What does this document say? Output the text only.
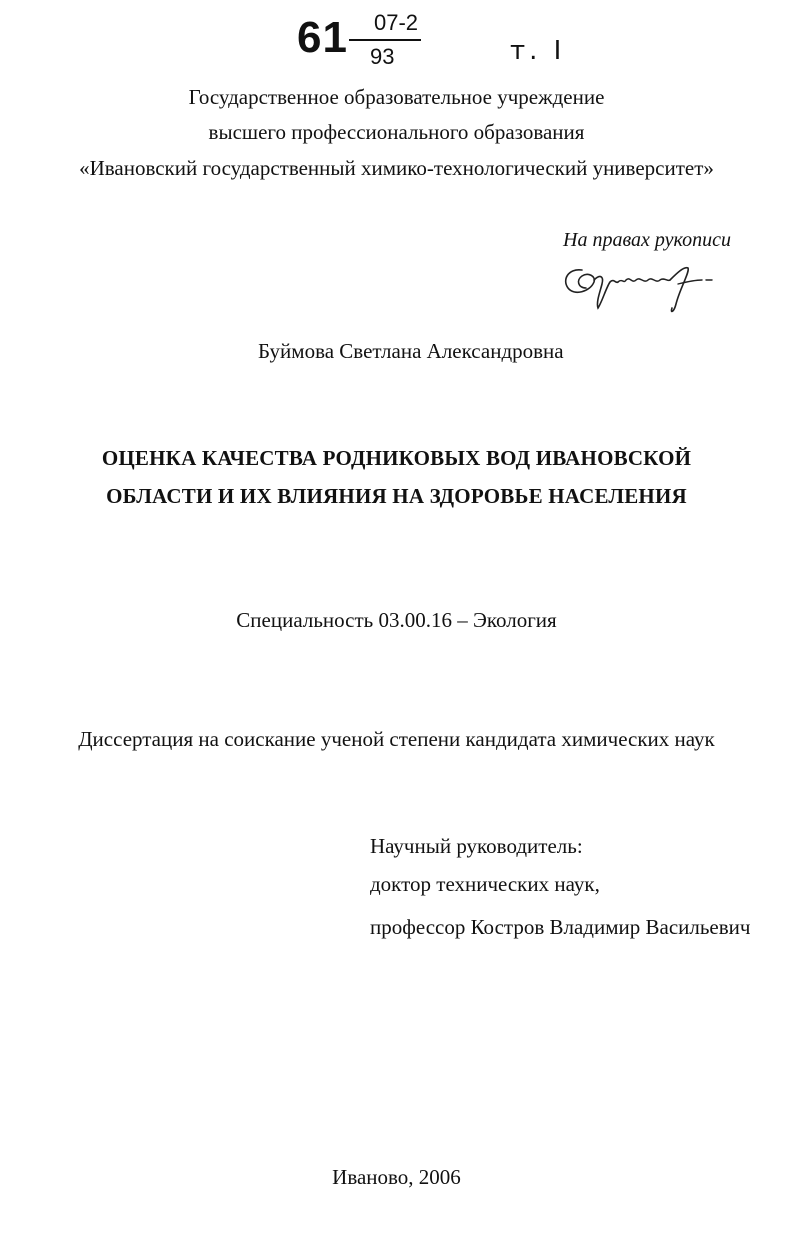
61 07-2
93	т. I
Государственное образовательное учреждение
высшего профессионального образования
«Ивановский государственный химико-технологический университет»
На правах рукописи
Буймова Светлана Александровна
ОЦЕНКА КАЧЕСТВА РОДНИКОВЫХ ВОД ИВАНОВСКОЙ
ОБЛАСТИ И ИХ ВЛИЯНИЯ НА ЗДОРОВЬЕ НАСЕЛЕНИЯ
Специальность 03.00.16 – Экология
Диссертация на соискание ученой степени кандидата химических наук
Научный руководитель:
доктор технических наук,
профессор Костров Владимир Васильевич
Иваново, 2006
